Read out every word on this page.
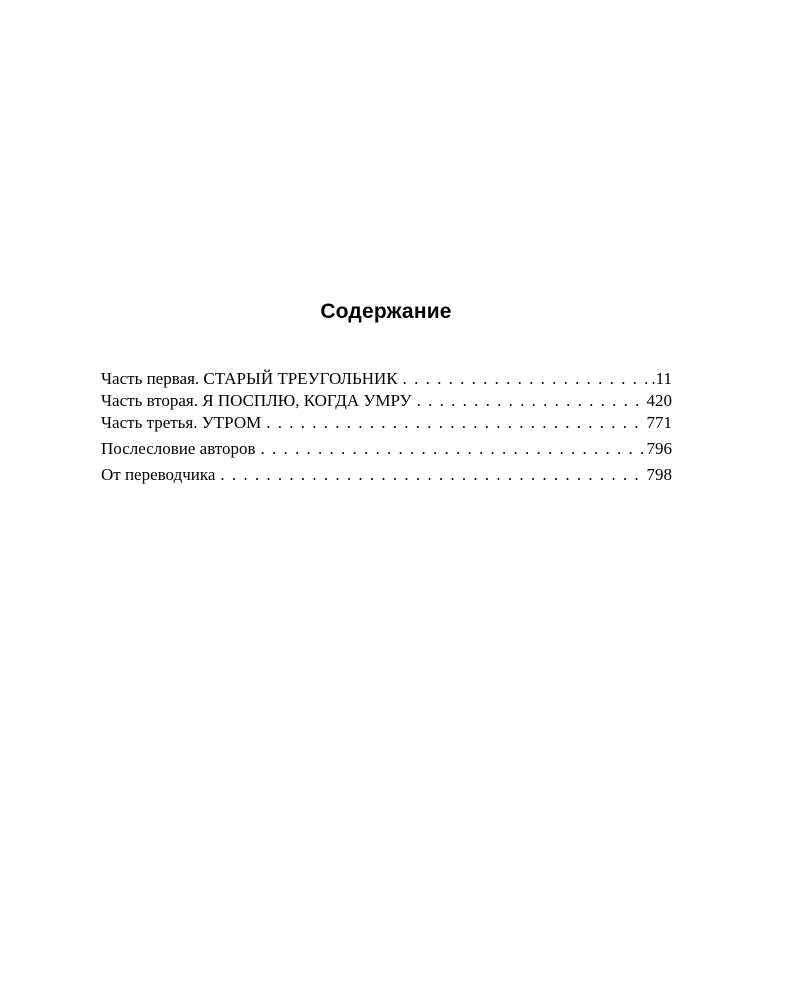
Содержание
Часть первая. СТАРЫЙ ТРЕУГОЛЬНИК . . .	.11
Часть вторая. Я ПОСПЛЮ, КОГДА УМРУ . . .	420
Часть третья. УТРОМ . . .	771
Послесловие авторов . . .	796
От переводчика . . .	798
